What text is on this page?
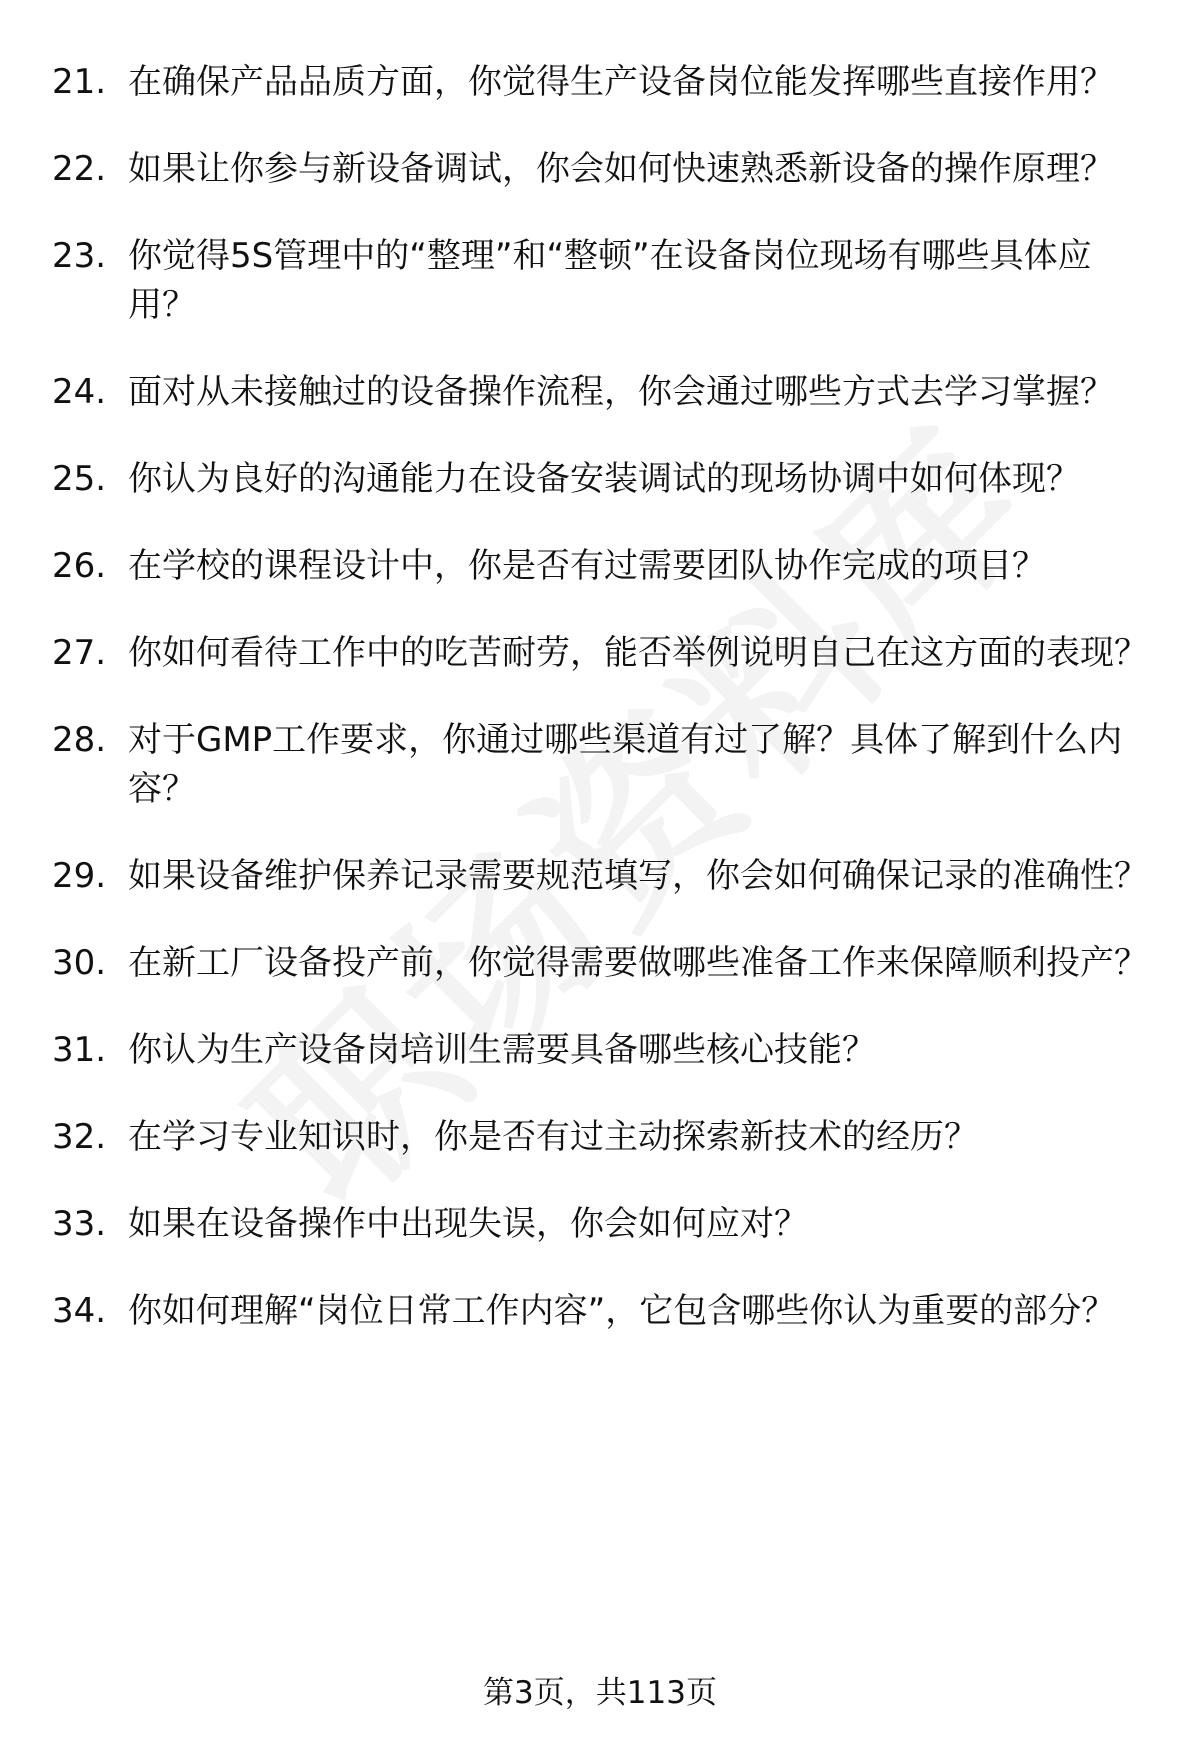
21. 在确保产品品质方面，你觉得生产设备岗位能发挥哪些直接作用？
22. 如果让你参与新设备调试，你会如何快速熟悉新设备的操作原理？
23. 你觉得5S管理中的“整理”和“整顿”在设备岗位现场有哪些具体应用？
24. 面对从未接触过的设备操作流程，你会通过哪些方式去学习掌握？
25. 你认为良好的沟通能力在设备安装调试的现场协调中如何体现？
26. 在学校的课程设计中，你是否有过需要团队协作完成的项目？
27. 你如何看待工作中的吃苦耐劳，能否举例说明自己在这方面的表现？
28. 对于GMP工作要求，你通过哪些渠道有过了解？具体了解到什么内容？
29. 如果设备维护保养记录需要规范填写，你会如何确保记录的准确性？
30. 在新工厂设备投产前，你觉得需要做哪些准备工作来保障顺利投产？
31. 你认为生产设备岗培训生需要具备哪些核心技能？
32. 在学习专业知识时，你是否有过主动探索新技术的经历？
33. 如果在设备操作中出现失误，你会如何应对？
34. 你如何理解“岗位日常工作内容”，它包含哪些你认为重要的部分？
第3页，共113页
